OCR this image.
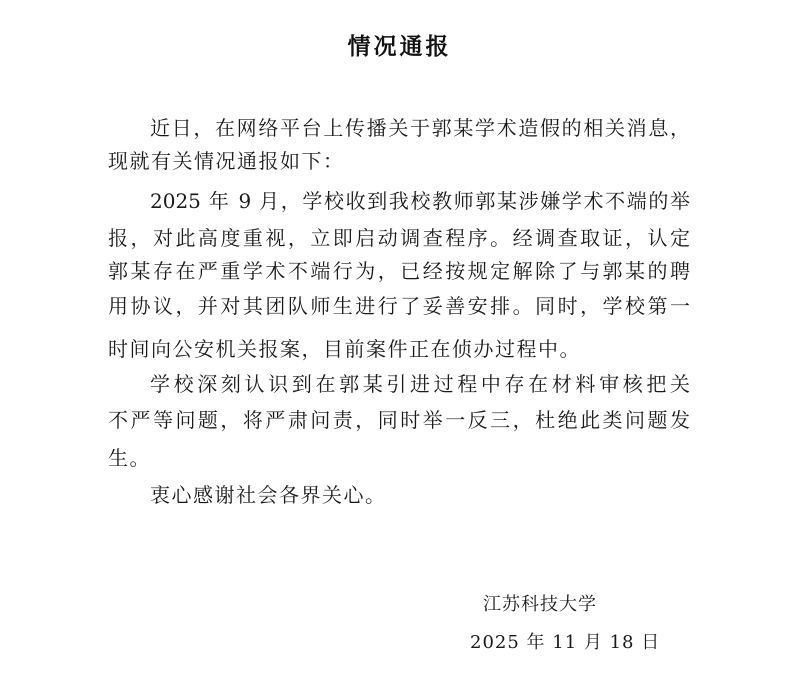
情况通报
近日，在网络平台上传播关于郭某学术造假的相关消息，
现就有关情况通报如下：
2025 年 9 月，学校收到我校教师郭某涉嫌学术不端的举
报，对此高度重视，立即启动调查程序。经调查取证，认定
郭某存在严重学术不端行为，已经按规定解除了与郭某的聘
用协议，并对其团队师生进行了妥善安排。同时，学校第一
时间向公安机关报案，目前案件正在侦办过程中。
学校深刻认识到在郭某引进过程中存在材料审核把关
不严等问题，将严肃问责，同时举一反三，杜绝此类问题发
生。
衷心感谢社会各界关心。
江苏科技大学
2025 年 11 月 18 日
